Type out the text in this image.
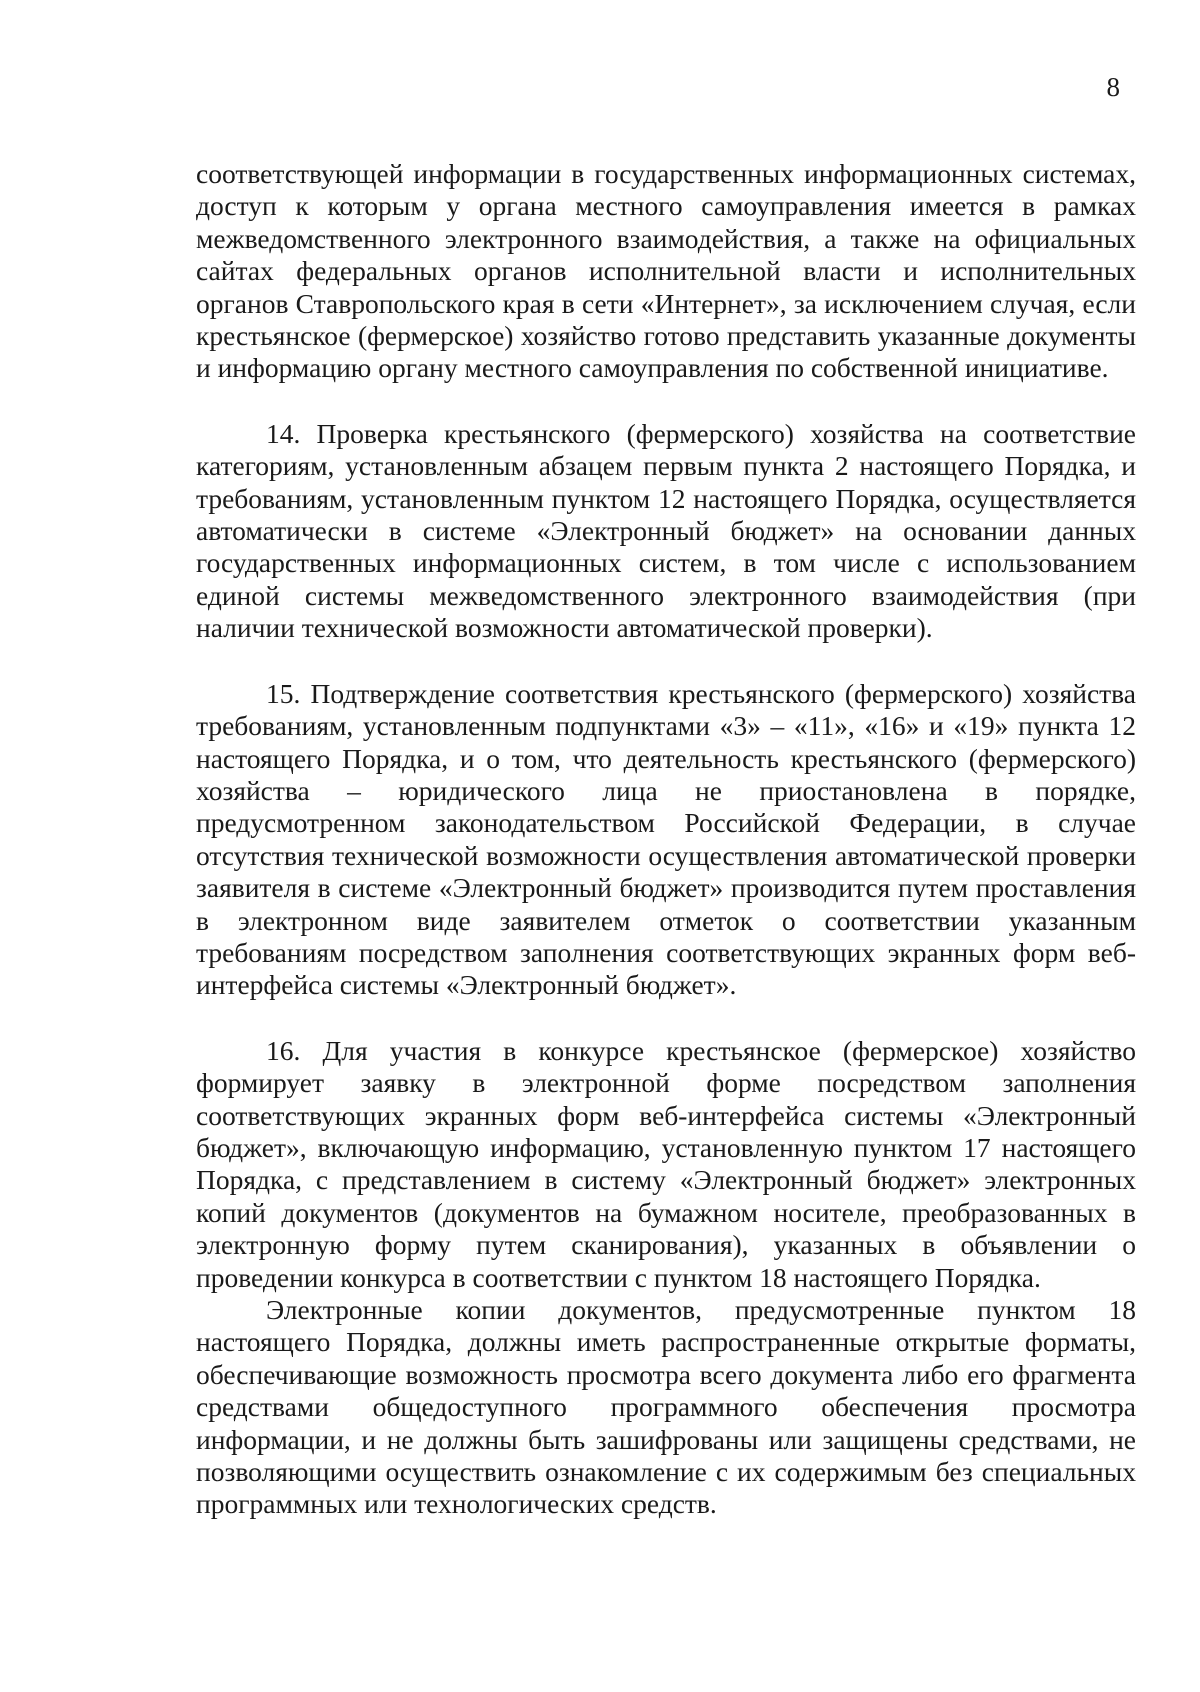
8

соответствующей информации в государственных информационных системах, доступ к которым у органа местного самоуправления имеется в рамках межведомственного электронного взаимодействия, а также на официальных сайтах федеральных органов исполнительной власти и исполнительных органов Ставропольского края в сети «Интернет», за исключением случая, если крестьянское (фермерское) хозяйство готово представить указанные документы и информацию органу местного самоуправления по собственной инициативе.

14. Проверка крестьянского (фермерского) хозяйства на соответствие категориям, установленным абзацем первым пункта 2 настоящего Порядка, и требованиям, установленным пунктом 12 настоящего Порядка, осуществляется автоматически в системе «Электронный бюджет» на основании данных государственных информационных систем, в том числе с использованием единой системы межведомственного электронного взаимодействия (при наличии технической возможности автоматической проверки).

15. Подтверждение соответствия крестьянского (фермерского) хозяйства требованиям, установленным подпунктами «3» – «11», «16» и «19» пункта 12 настоящего Порядка, и о том, что деятельность крестьянского (фермерского) хозяйства – юридического лица не приостановлена в порядке, предусмотренном законодательством Российской Федерации, в случае отсутствия технической возможности осуществления автоматической проверки заявителя в системе «Электронный бюджет» производится путем проставления в электронном виде заявителем отметок о соответствии указанным требованиям посредством заполнения соответствующих экранных форм веб-интерфейса системы «Электронный бюджет».

16. Для участия в конкурсе крестьянское (фермерское) хозяйство формирует заявку в электронной форме посредством заполнения соответствующих экранных форм веб-интерфейса системы «Электронный бюджет», включающую информацию, установленную пунктом 17 настоящего Порядка, с представлением в систему «Электронный бюджет» электронных копий документов (документов на бумажном носителе, преобразованных в электронную форму путем сканирования), указанных в объявлении о проведении конкурса в соответствии с пунктом 18 настоящего Порядка.

Электронные копии документов, предусмотренные пунктом 18 настоящего Порядка, должны иметь распространенные открытые форматы, обеспечивающие возможность просмотра всего документа либо его фрагмента средствами общедоступного программного обеспечения просмотра информации, и не должны быть зашифрованы или защищены средствами, не позволяющими осуществить ознакомление с их содержимым без специальных программных или технологических средств.
